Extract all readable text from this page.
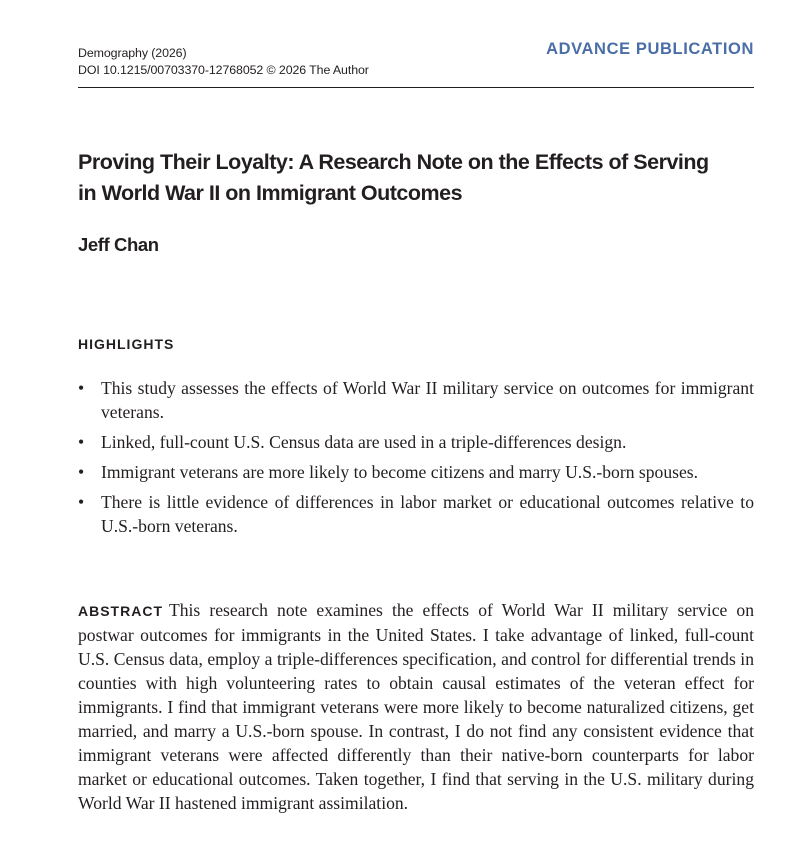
Demography (2026)
DOI 10.1215/00703370-12768052 © 2026 The Author
ADVANCE PUBLICATION
Proving Their Loyalty: A Research Note on the Effects of Serving in World War II on Immigrant Outcomes
Jeff Chan
HIGHLIGHTS
• This study assesses the effects of World War II military service on outcomes for immigrant veterans.
• Linked, full-count U.S. Census data are used in a triple-differences design.
• Immigrant veterans are more likely to become citizens and marry U.S.-born spouses.
• There is little evidence of differences in labor market or educational outcomes relative to U.S.-born veterans.

ABSTRACT This research note examines the effects of World War II military service on postwar outcomes for immigrants in the United States. I take advantage of linked, full-count U.S. Census data, employ a triple-differences specification, and control for differential trends in counties with high volunteering rates to obtain causal estimates of the veteran effect for immigrants. I find that immigrant veterans were more likely to become naturalized citizens, get married, and marry a U.S.-born spouse. In contrast, I do not find any consistent evidence that immigrant veterans were affected differently than their native-born counterparts for labor market or educational outcomes. Taken together, I find that serving in the U.S. military during World War II hastened immigrant assimilation.
